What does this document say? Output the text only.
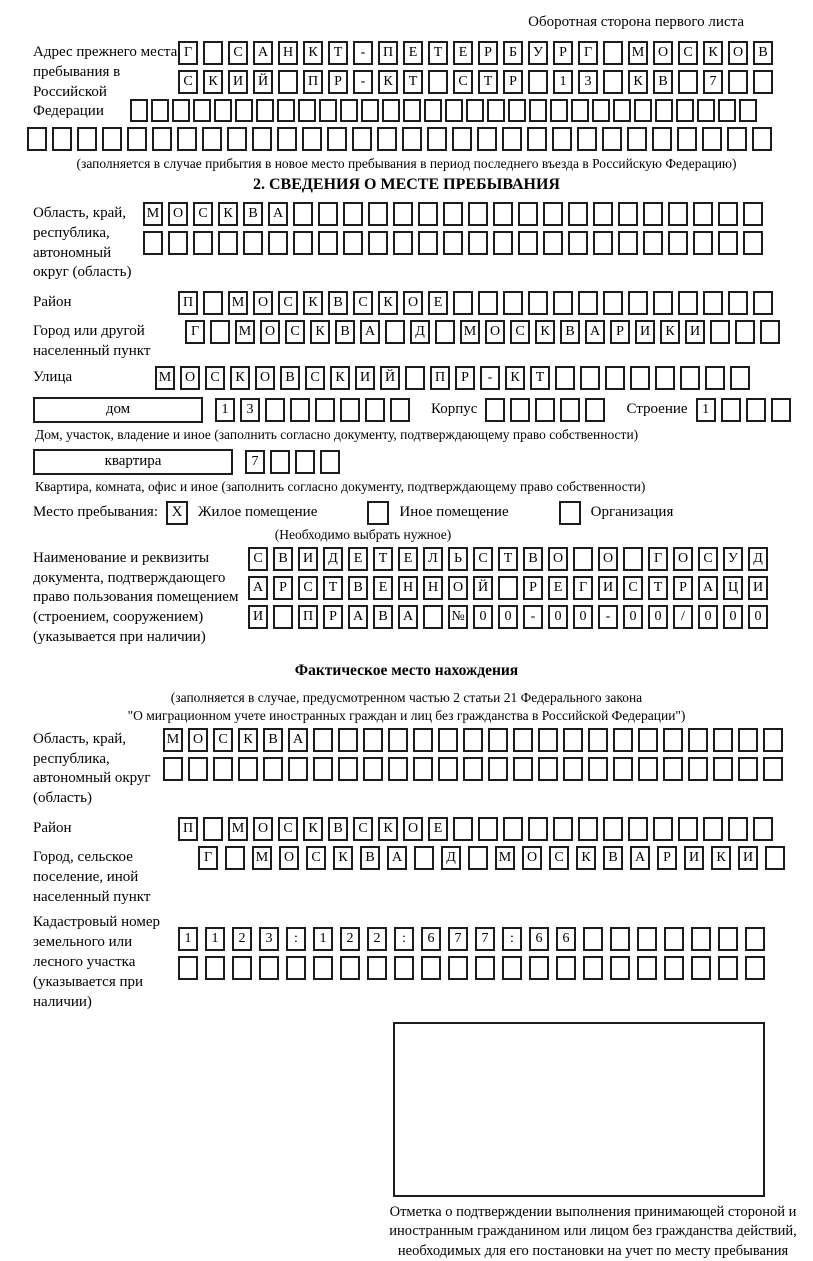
Оборотная сторона первого листа
Адрес прежнего места пребывания в Российской Федерации
Г	С	А	Н	К	Т	-	П	Е	Т	Е	Р	Б	У	Р	Г	М О	С	К	О	В
С	К	И	Й	П	Р	-	К	Т	С	Т	Р	1	3	К	В	7
(заполняется в случае прибытия в новое место пребывания в период последнего въезда в Российскую Федерацию)
2. СВЕДЕНИЯ О МЕСТЕ ПРЕБЫВАНИЯ
Область, край, республика, автономный округ (область)
М О	С	К	В	А
Район	П	М О	С	К	В	С	К	О	Е
Город или другой населенный пункт
Г	М О	С	К	В	А	Д	М О	С	К	В	А	Р	И	К	И
Улица	М О	С	К	О	В	С	К	И	Й	П	Р	-	К	Т
дом	1	3	Корпус	Строение	1
Дом, участок, владение и иное (заполнить согласно документу, подтверждающему право собственности)
квартира	7
Квартира, комната, офис и иное (заполнить согласно документу, подтверждающему право собственности)
Место пребывания: X	Жилое помещение	Иное помещение	Организация
(Необходимо выбрать нужное)
Наименование и реквизиты документа, подтверждающего право пользования помещением (строением, сооружением) (указывается при наличии)
С	В	И	Д	Е	Т	Е	Л	Ь	С	Т	В	О	О	Г	О	С	У	Д
А	Р	С	Т	В	Е	Н	Н	О	Й	Р	Е	Г	И	С	Т	Р	А	Ц	И
И	П	Р	А	В	А	№	0	0	-	0	0	-	0	0	/	0	0	0
Фактическое место нахождения
(заполняется в случае, предусмотренном частью 2 статьи 21 Федерального закона
"О миграционном учете иностранных граждан и лиц без гражданства в Российской Федерации")
Область, край, республика, автономный округ (область)
М О	С	К	В	А
Район	П	М О	С	К	В	С	К	О	Е
Город, сельское поселение, иной населенный пункт
Г	М	О	С	К	В	А	Д	М	О	С	К	В	А	Р	И	К	И
Кадастровый номер земельного или лесного участка (указывается при наличии)
1	1	2	3	:	1	2	2	:	6	7	7	:	6	6
Отметка о подтверждении выполнения принимающей стороной и иностранным гражданином или лицом без гражданства действий, необходимых для его постановки на учет по месту пребывания
